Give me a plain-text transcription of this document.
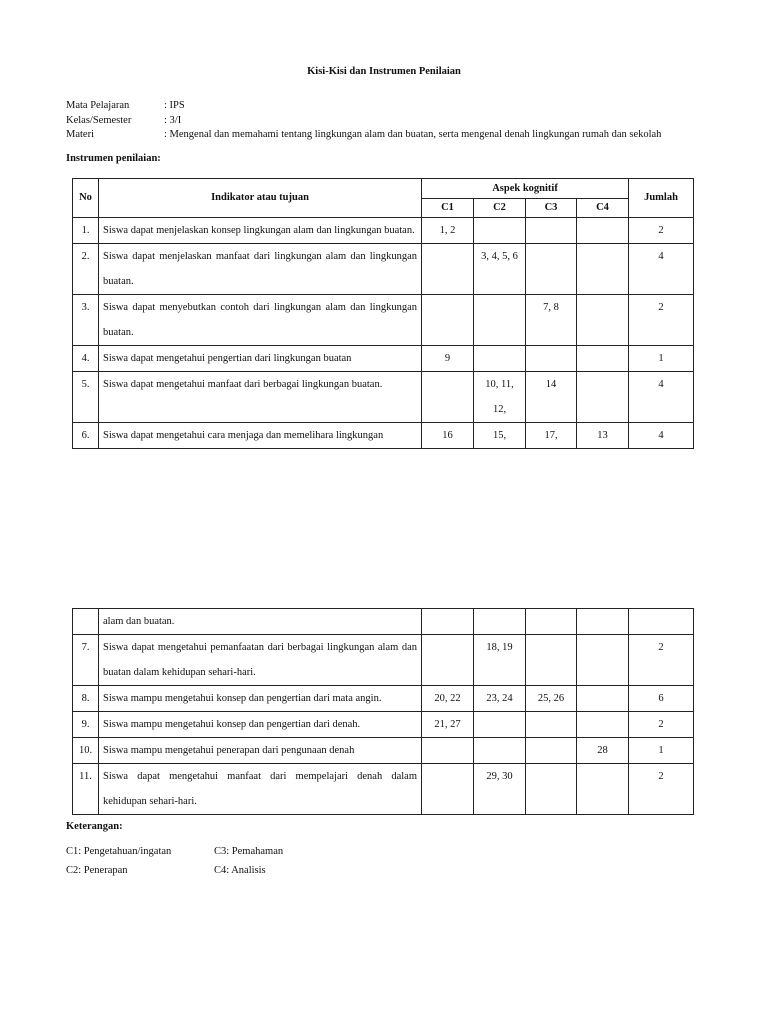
Kisi-Kisi dan Instrumen Penilaian
Mata Pelajaran	: IPS
Kelas/Semester	: 3/I
Materi	: Mengenal dan memahami tentang lingkungan alam dan buatan, serta mengenal denah lingkungan rumah dan sekolah
Instrumen penilaian:
No	Indikator atau tujuan	Aspek kognitif				Jumlah
		C1	C2	C3	C4	
1.	Siswa dapat menjelaskan konsep lingkungan alam dan lingkungan buatan.	1, 2				2
2.	Siswa dapat menjelaskan manfaat dari lingkungan alam dan lingkungan buatan.		3, 4, 5, 6			4
3.	Siswa dapat menyebutkan contoh dari lingkungan alam dan lingkungan buatan.			7, 8		2
4.	Siswa dapat mengetahui pengertian dari lingkungan buatan	9				1
5.	Siswa dapat mengetahui manfaat dari berbagai lingkungan buatan.		10, 11, 12,	14		4
6.	Siswa dapat mengetahui cara menjaga dan memelihara lingkungan	16	15,	17,	13	4
	alam dan buatan.					
7.	Siswa dapat mengetahui pemanfaatan dari berbagai lingkungan alam dan buatan dalam kehidupan sehari-hari.		18, 19			2
8.	Siswa mampu mengetahui konsep dan pengertian dari mata angin.	20, 22	23, 24	25, 26		6
9.	Siswa mampu mengetahui konsep dan pengertian dari denah.	21, 27				2
10.	Siswa mampu mengetahui penerapan dari pengunaan denah				28	1
11.	Siswa dapat mengetahui manfaat dari mempelajari denah dalam kehidupan sehari-hari.		29, 30			2
Keterangan:
C1: Pengetahuan/ingatan	C3: Pemahaman
C2: Penerapan	C4: Analisis
